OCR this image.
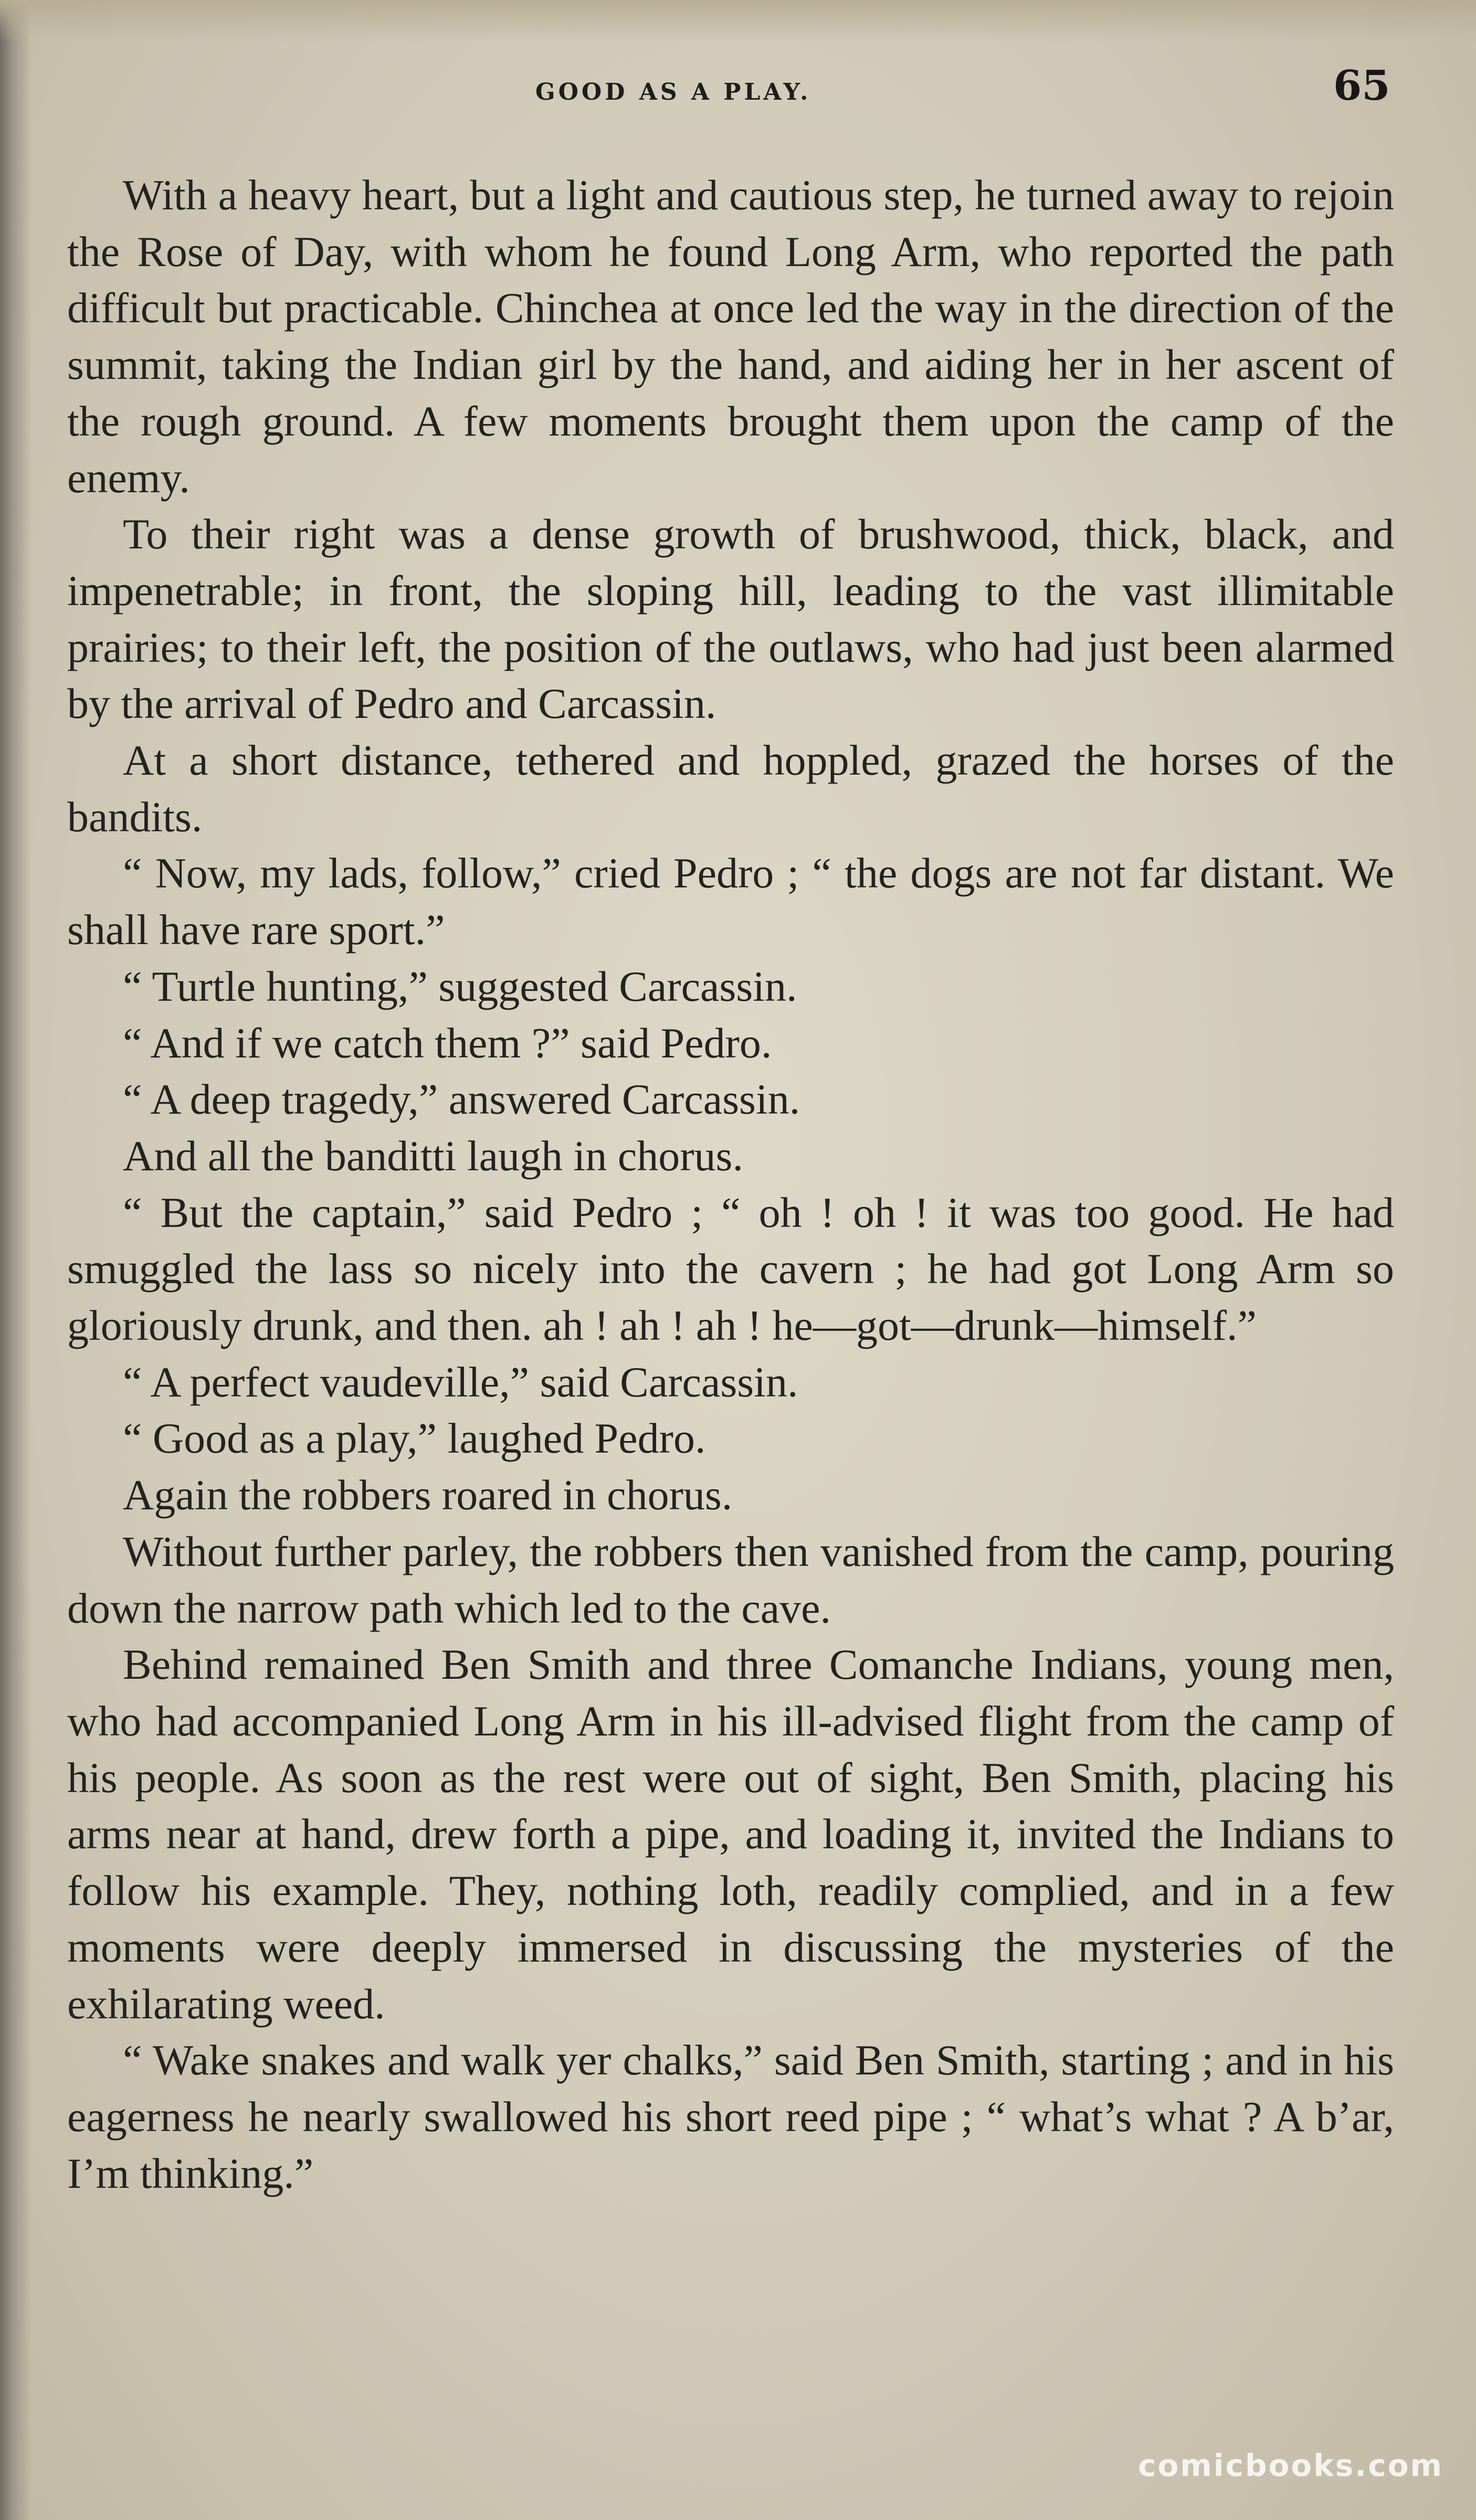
GOOD AS A PLAY.	65

With a heavy heart, but a light and cautious step, he turned away to rejoin the Rose of Day, with whom he found Long Arm, who reported the path difficult but practicable. Chinchea at once led the way in the direction of the summit, taking the Indian girl by the hand, and aiding her in her ascent of the rough ground. A few moments brought them upon the camp of the enemy.

To their right was a dense growth of brushwood, thick, black, and impenetrable; in front, the sloping hill, leading to the vast illimitable prairies; to their left, the position of the outlaws, who had just been alarmed by the arrival of Pedro and Carcassin.

At a short distance, tethered and hoppled, grazed the horses of the bandits.

“ Now, my lads, follow,” cried Pedro ; “ the dogs are not far distant. We shall have rare sport.”

“ Turtle hunting,” suggested Carcassin.

“ And if we catch them ?” said Pedro.

“ A deep tragedy,” answered Carcassin.

And all the banditti laugh in chorus.

“ But the captain,” said Pedro ; “ oh ! oh ! it was too good. He had smuggled the lass so nicely into the cavern ; he had got Long Arm so gloriously drunk, and then. ah ! ah ! ah ! he—got—drunk—himself.”

“ A perfect vaudeville,” said Carcassin.

“ Good as a play,” laughed Pedro.

Again the robbers roared in chorus.

Without further parley, the robbers then vanished from the camp, pouring down the narrow path which led to the cave.

Behind remained Ben Smith and three Comanche Indians, young men, who had accompanied Long Arm in his ill-advised flight from the camp of his people. As soon as the rest were out of sight, Ben Smith, placing his arms near at hand, drew forth a pipe, and loading it, invited the Indians to follow his example. They, nothing loth, readily complied, and in a few moments were deeply immersed in discussing the mysteries of the exhilarating weed.

“ Wake snakes and walk yer chalks,” said Ben Smith, starting ; and in his eagerness he nearly swallowed his short reed pipe ; “ what’s what ? A b’ar, I’m thinking.”

comicbooks.com
